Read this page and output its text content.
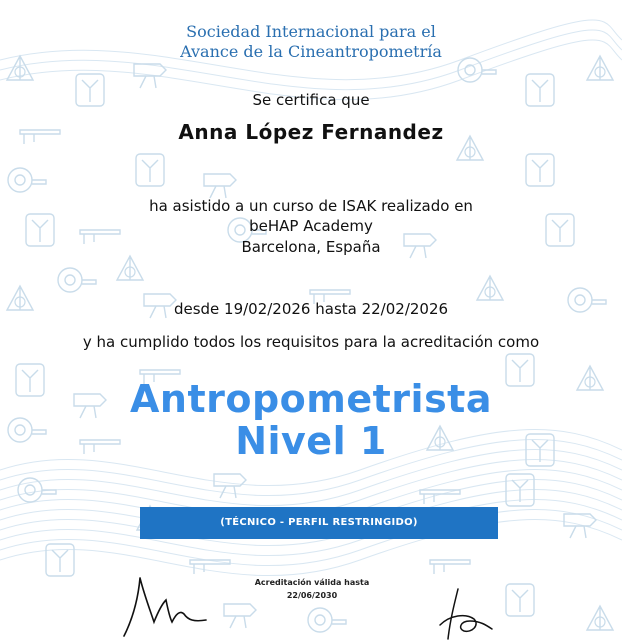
Sociedad Internacional para el
Avance de la Cineantropometría
Se certifica que
Anna López Fernandez
ha asistido a un curso de ISAK realizado en
beHAP Academy
Barcelona, España
desde 19/02/2026 hasta 22/02/2026
y ha cumplido todos los requisitos para la acreditación como
Antropometrista
Nivel 1
(TÉCNICO - PERFIL RESTRINGIDO)
Acreditación válida hasta
22/06/2030
